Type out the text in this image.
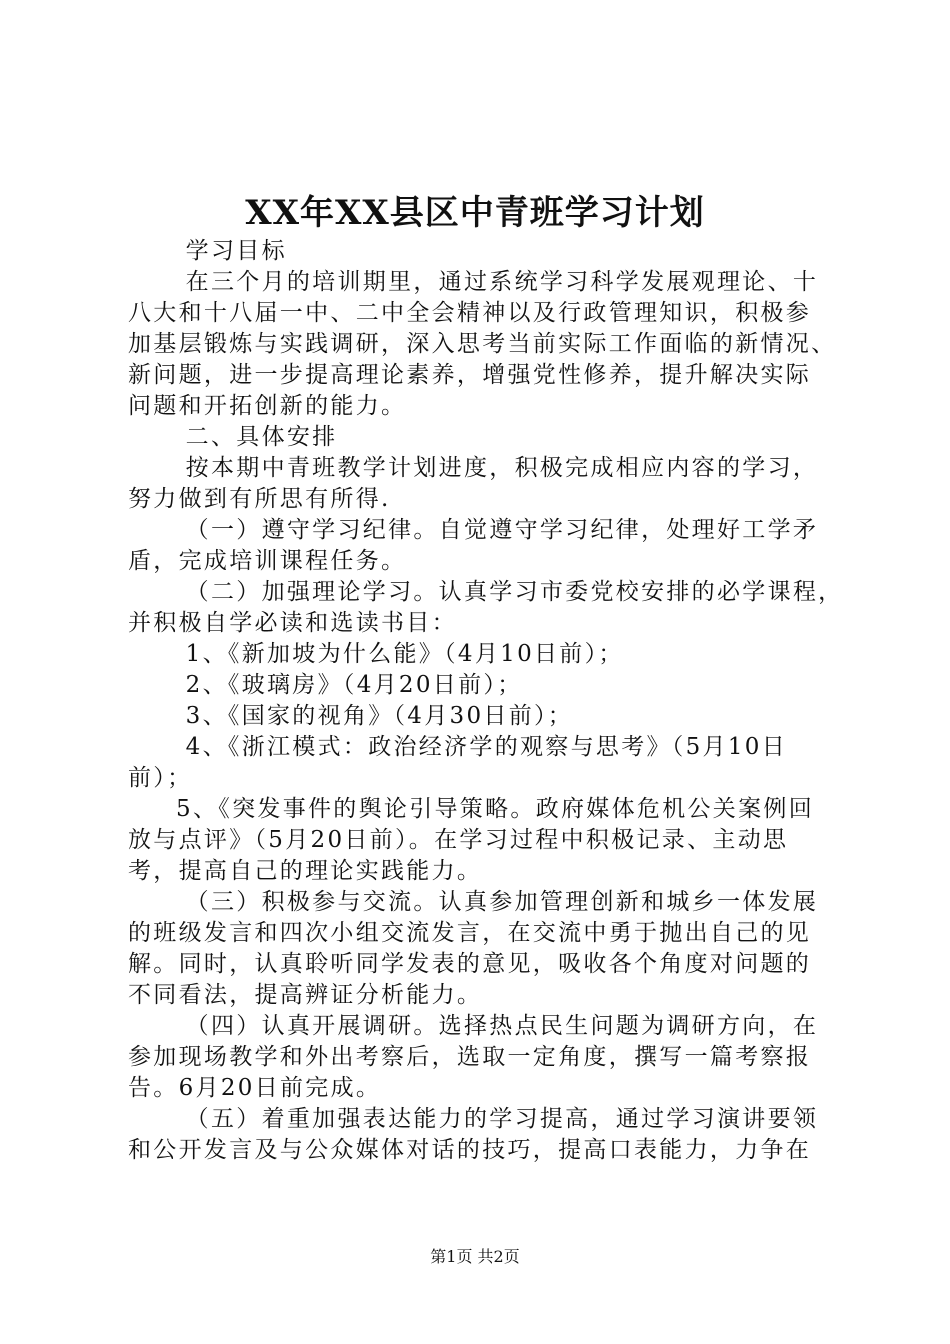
XX年XX县区中青班学习计划
学习目标
在三个月的培训期里，通过系统学习科学发展观理论、十
八大和十八届一中、二中全会精神以及行政管理知识，积极参
加基层锻炼与实践调研，深入思考当前实际工作面临的新情况、
新问题，进一步提高理论素养，增强党性修养，提升解决实际
问题和开拓创新的能力。
二、具体安排
按本期中青班教学计划进度，积极完成相应内容的学习，
努力做到有所思有所得.
（一）遵守学习纪律。自觉遵守学习纪律，处理好工学矛
盾，完成培训课程任务。
（二）加强理论学习。认真学习市委党校安排的必学课程，
并积极自学必读和选读书目：
1、《新加坡为什么能》（4月10日前）；
2、《玻璃房》（4月20日前）；
3、《国家的视角》（4月30日前）；
4、《浙江模式：政治经济学的观察与思考》（5月10日
前）；
5、《突发事件的舆论引导策略。政府媒体危机公关案例回
放与点评》（5月20日前）。在学习过程中积极记录、主动思
考，提高自己的理论实践能力。
（三）积极参与交流。认真参加管理创新和城乡一体发展
的班级发言和四次小组交流发言，在交流中勇于抛出自己的见
解。同时，认真聆听同学发表的意见，吸收各个角度对问题的
不同看法，提高辨证分析能力。
（四）认真开展调研。选择热点民生问题为调研方向，在
参加现场教学和外出考察后，选取一定角度，撰写一篇考察报
告。6月20日前完成。
（五）着重加强表达能力的学习提高，通过学习演讲要领
和公开发言及与公众媒体对话的技巧，提高口表能力，力争在
第1页 共2页
